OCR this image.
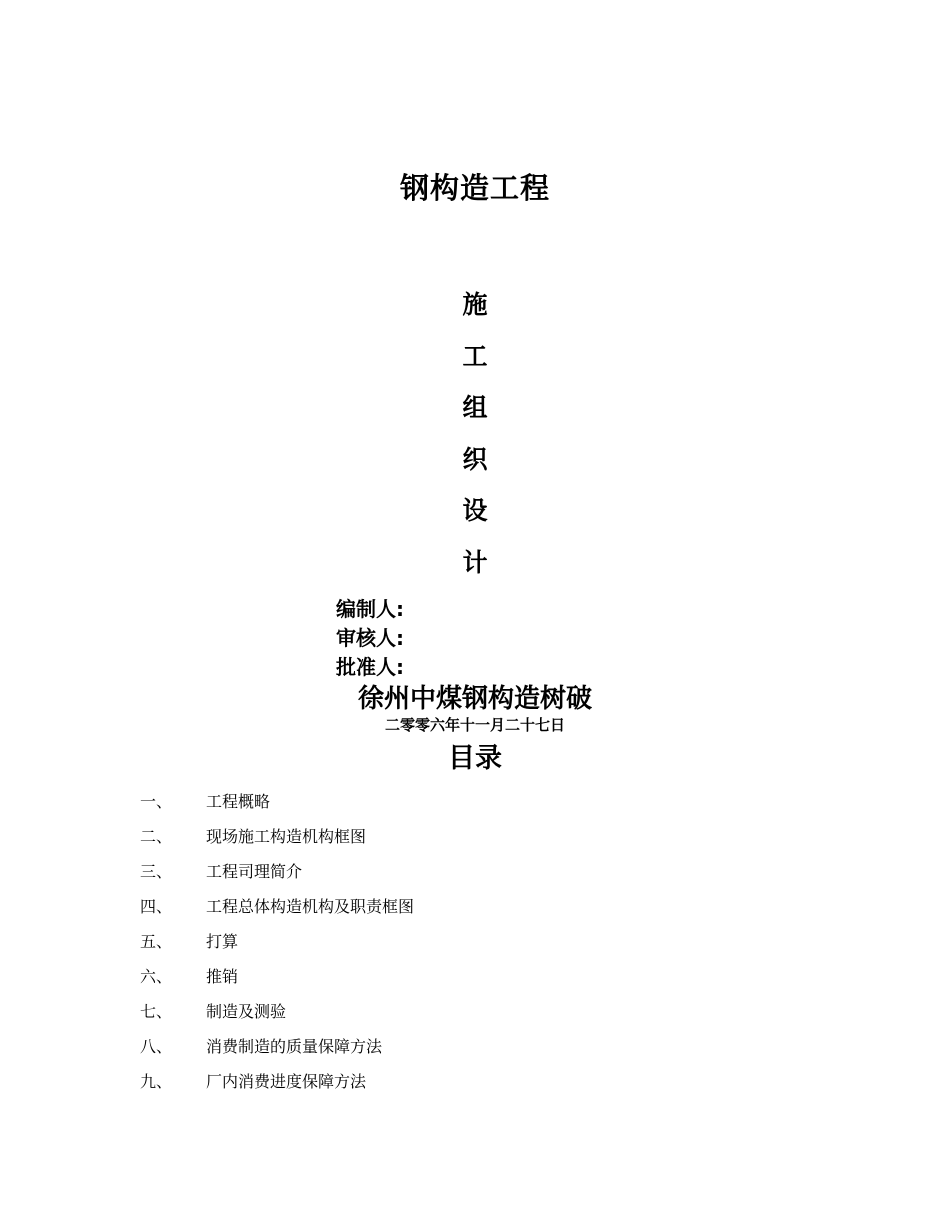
钢构造工程
施
工
组
织
设
计
编制人:
审核人:
批准人:
徐州中煤钢构造树破
二零零六年十一月二十七日
目录
一、 工程概略
二、 现场施工构造机构框图
三、 工程司理简介
四、 工程总体构造机构及职责框图
五、 打算
六、 推销
七、 制造及测验
八、 消费制造的质量保障方法
九、 厂内消费进度保障方法
